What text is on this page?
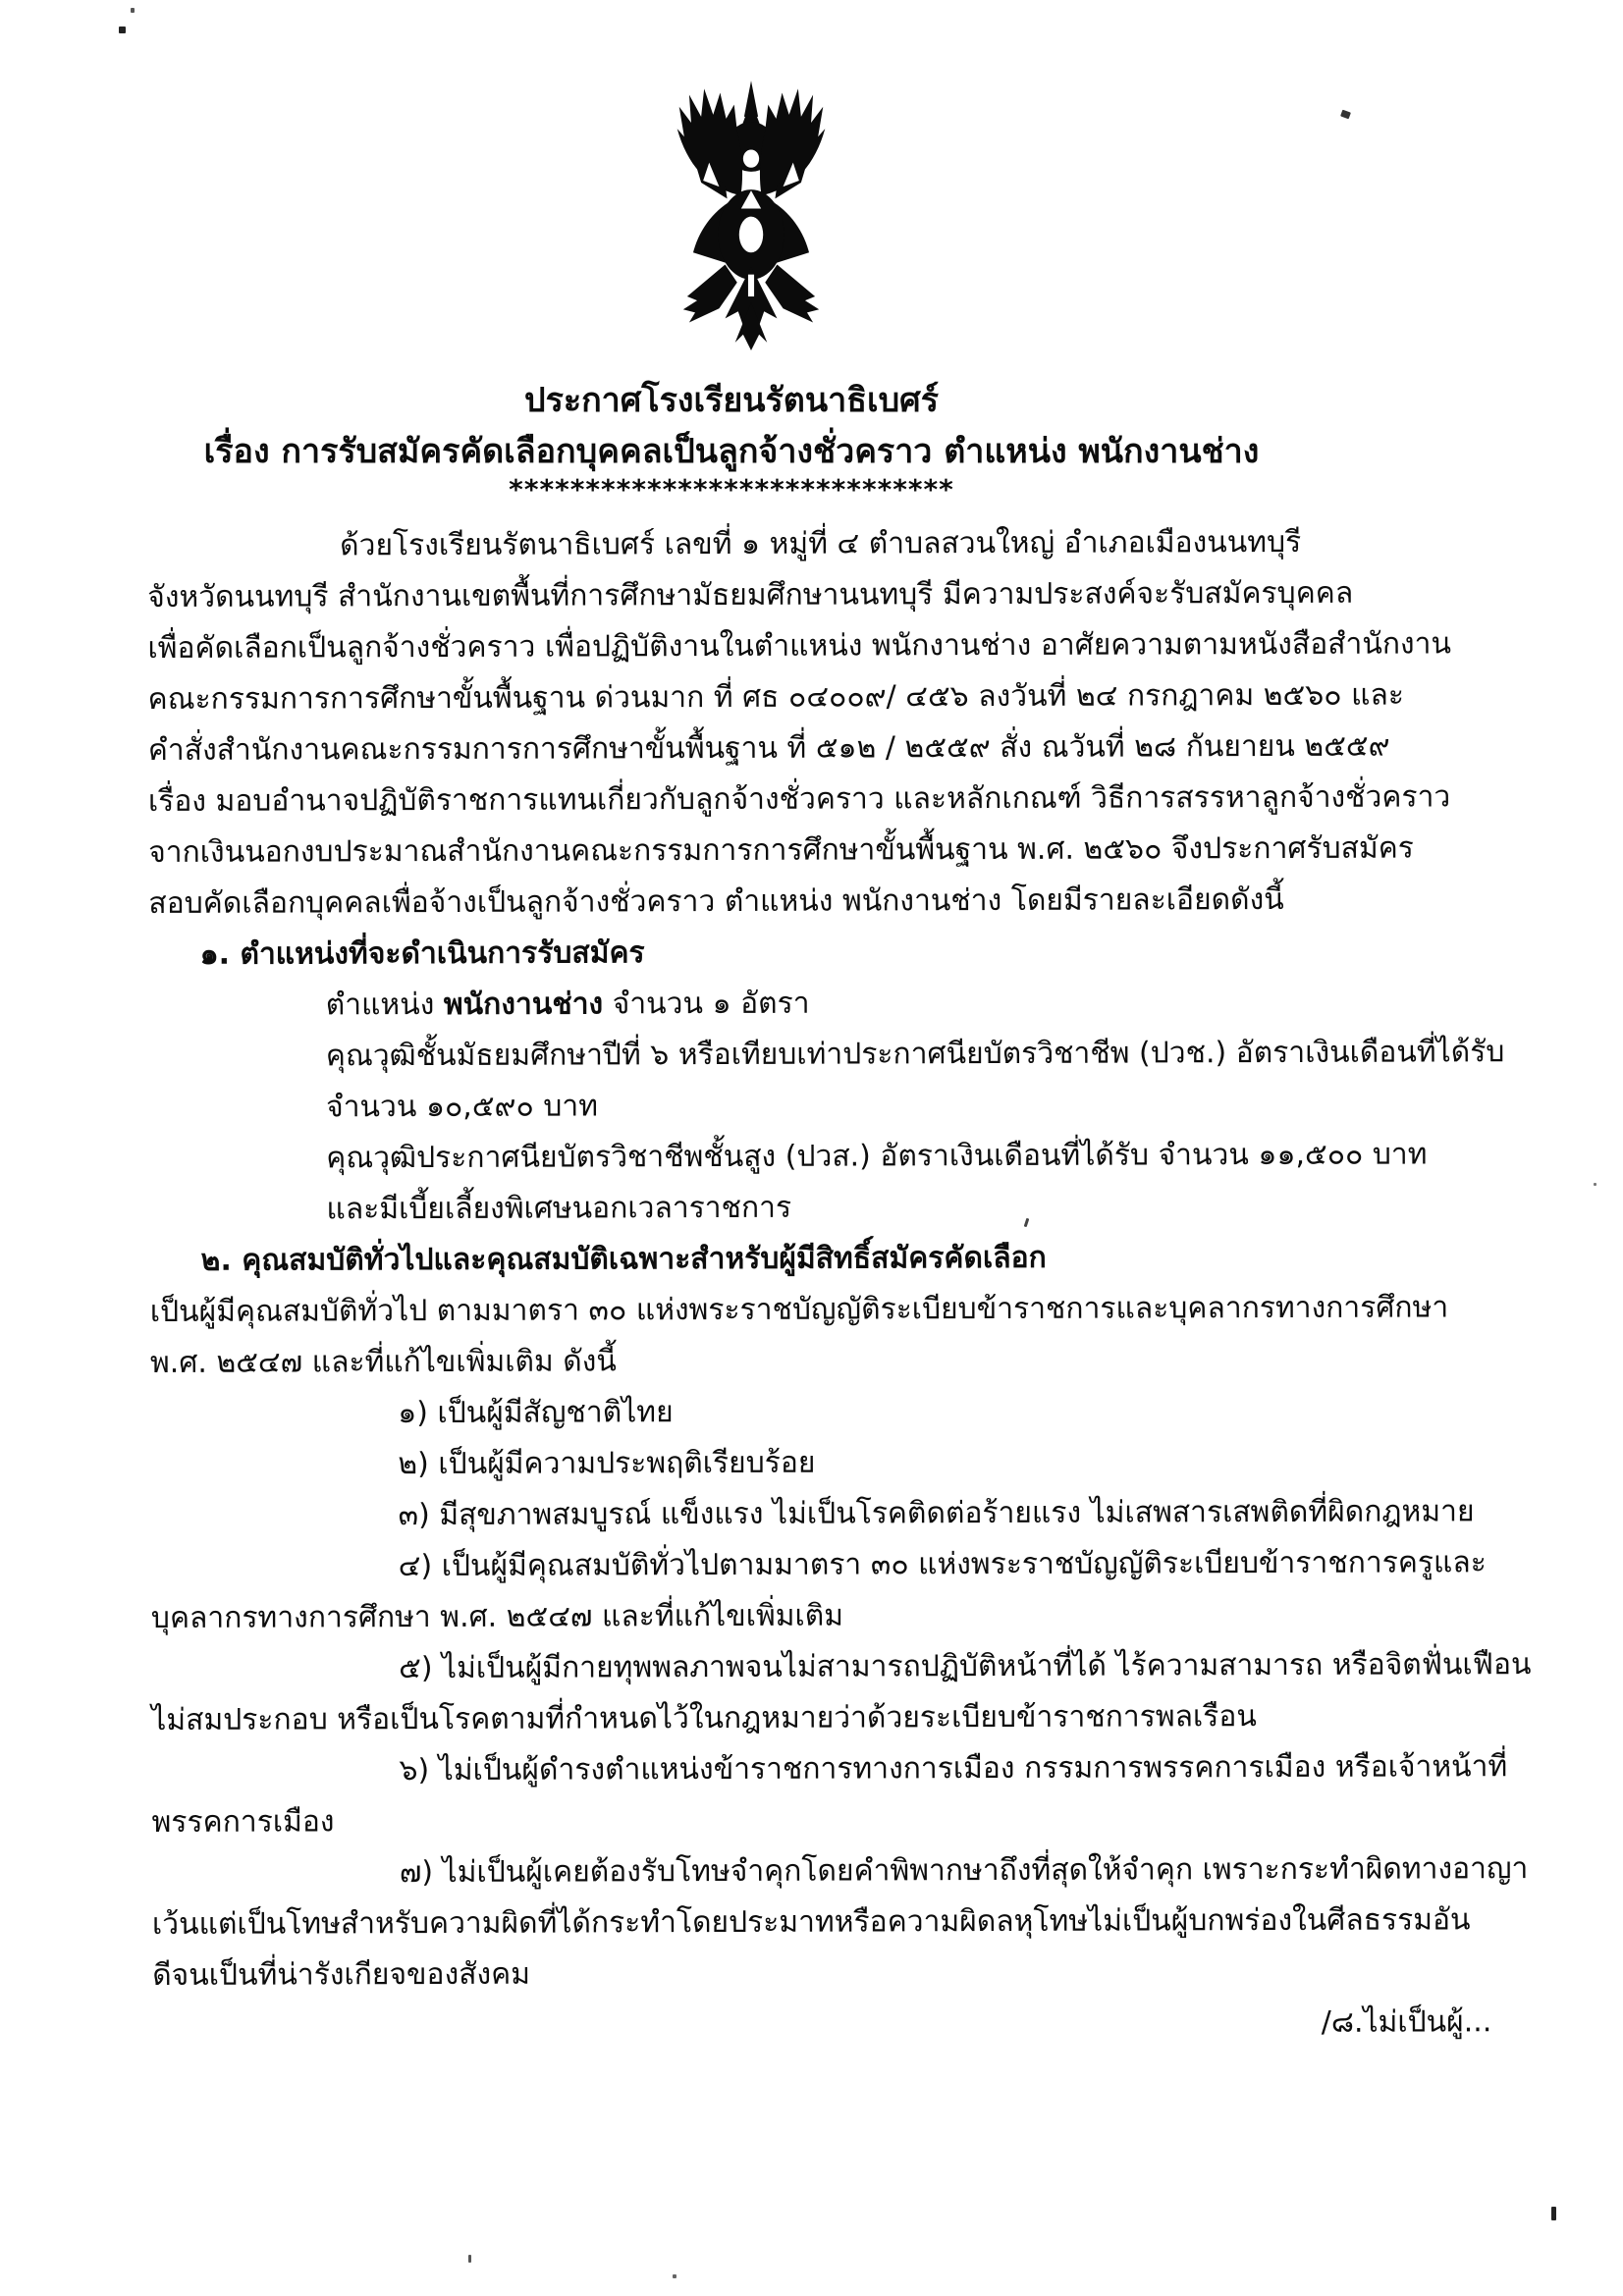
ประกาศโรงเรียนรัตนาธิเบศร์
เรื่อง การรับสมัครคัดเลือกบุคคลเป็นลูกจ้างชั่วคราว ตำแหน่ง พนักงานช่าง
*****************************
ด้วยโรงเรียนรัตนาธิเบศร์ เลขที่ ๑ หมู่ที่ ๔ ตำบลสวนใหญ่ อำเภอเมืองนนทบุรี
จังหวัดนนทบุรี สำนักงานเขตพื้นที่การศึกษามัธยมศึกษานนทบุรี มีความประสงค์จะรับสมัครบุคคล
เพื่อคัดเลือกเป็นลูกจ้างชั่วคราว เพื่อปฏิบัติงานในตำแหน่ง พนักงานช่าง อาศัยความตามหนังสือสำนักงาน
คณะกรรมการการศึกษาขั้นพื้นฐาน ด่วนมาก ที่ ศธ ๐๔๐๐๙/ ๔๕๖ ลงวันที่ ๒๔ กรกฎาคม ๒๕๖๐ และ
คำสั่งสำนักงานคณะกรรมการการศึกษาขั้นพื้นฐาน ที่ ๕๑๒ / ๒๕๕๙ สั่ง ณวันที่ ๒๘ กันยายน ๒๕๕๙
เรื่อง มอบอำนาจปฏิบัติราชการแทนเกี่ยวกับลูกจ้างชั่วคราว และหลักเกณฑ์ วิธีการสรรหาลูกจ้างชั่วคราว
จากเงินนอกงบประมาณสำนักงานคณะกรรมการการศึกษาขั้นพื้นฐาน พ.ศ. ๒๕๖๐ จึงประกาศรับสมัคร
สอบคัดเลือกบุคคลเพื่อจ้างเป็นลูกจ้างชั่วคราว ตำแหน่ง พนักงานช่าง โดยมีรายละเอียดดังนี้
๑. ตำแหน่งที่จะดำเนินการรับสมัคร
ตำแหน่ง พนักงานช่าง จำนวน ๑ อัตรา
คุณวุฒิชั้นมัธยมศึกษาปีที่ ๖ หรือเทียบเท่าประกาศนียบัตรวิชาชีพ (ปวช.) อัตราเงินเดือนที่ได้รับ
จำนวน ๑๐,๕๙๐ บาท
คุณวุฒิประกาศนียบัตรวิชาชีพชั้นสูง (ปวส.) อัตราเงินเดือนที่ได้รับ จำนวน ๑๑,๕๐๐ บาท
และมีเบี้ยเลี้ยงพิเศษนอกเวลาราชการ
๒. คุณสมบัติทั่วไปและคุณสมบัติเฉพาะสำหรับผู้มีสิทธิ์สมัครคัดเลือก
เป็นผู้มีคุณสมบัติทั่วไป ตามมาตรา ๓๐ แห่งพระราชบัญญัติระเบียบข้าราชการและบุคลากรทางการศึกษา
พ.ศ. ๒๕๔๗ และที่แก้ไขเพิ่มเติม ดังนี้
๑) เป็นผู้มีสัญชาติไทย
๒) เป็นผู้มีความประพฤติเรียบร้อย
๓) มีสุขภาพสมบูรณ์ แข็งแรง ไม่เป็นโรคติดต่อร้ายแรง ไม่เสพสารเสพติดที่ผิดกฎหมาย
๔) เป็นผู้มีคุณสมบัติทั่วไปตามมาตรา ๓๐ แห่งพระราชบัญญัติระเบียบข้าราชการครูและ
บุคลากรทางการศึกษา พ.ศ. ๒๕๔๗ และที่แก้ไขเพิ่มเติม
๕) ไม่เป็นผู้มีกายทุพพลภาพจนไม่สามารถปฏิบัติหน้าที่ได้ ไร้ความสามารถ หรือจิตฟั่นเฟือน
ไม่สมประกอบ หรือเป็นโรคตามที่กำหนดไว้ในกฎหมายว่าด้วยระเบียบข้าราชการพลเรือน
๖) ไม่เป็นผู้ดำรงตำแหน่งข้าราชการทางการเมือง กรรมการพรรคการเมือง หรือเจ้าหน้าที่
พรรคการเมือง
๗) ไม่เป็นผู้เคยต้องรับโทษจำคุกโดยคำพิพากษาถึงที่สุดให้จำคุก เพราะกระทำผิดทางอาญา
เว้นแต่เป็นโทษสำหรับความผิดที่ได้กระทำโดยประมาทหรือความผิดลหุโทษไม่เป็นผู้บกพร่องในศีลธรรมอัน
ดีจนเป็นที่น่ารังเกียจของสังคม
/๘.ไม่เป็นผู้...
